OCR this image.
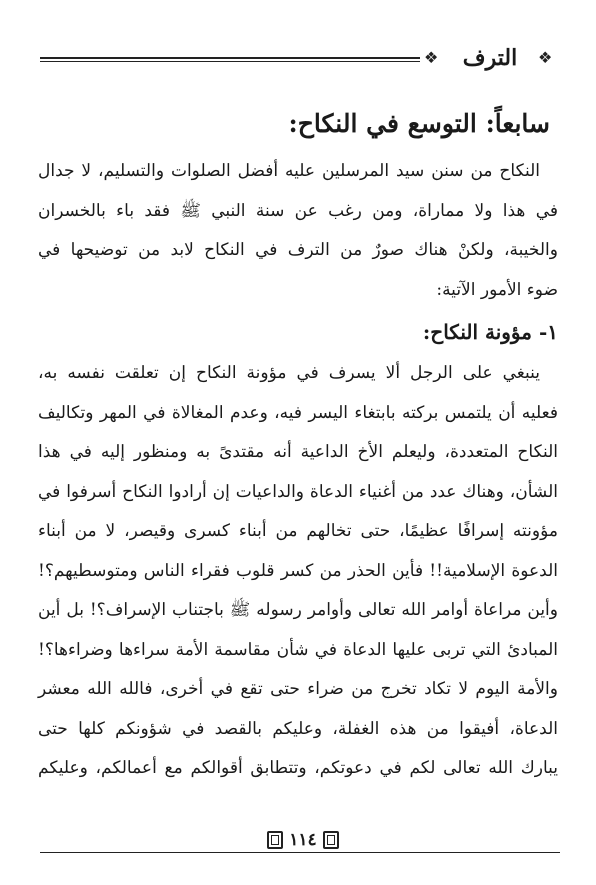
❖	الترف	❖
سابعاً: التوسع في النكاح:
النكاح من سنن سيد المرسلين عليه أفضل الصلوات والتسليم، لا جدال
في هذا ولا مماراة، ومن رغب عن سنة النبي ﷺ فقد باء بالخسران
والخيبة، ولكنْ هناك صورٌ من الترف في النكاح لابد من توضيحها في
ضوء الأمور الآتية:
١- مؤونة النكاح:
ينبغي على الرجل ألا يسرف في مؤونة النكاح إن تعلقت نفسه به،
فعليه أن يلتمس بركته بابتغاء اليسر فيه، وعدم المغالاة في المهر وتكاليف
النكاح المتعددة، وليعلم الأخ الداعية أنه مقتدىً به ومنظور إليه في هذا
الشأن، وهناك عدد من أغنياء الدعاة والداعيات إن أرادوا النكاح أسرفوا في
مؤونته إسرافًا عظيمًا، حتى تخالهم من أبناء كسرى وقيصر، لا من أبناء
الدعوة الإسلامية!! فأين الحذر من كسر قلوب فقراء الناس ومتوسطيهم؟!
وأين مراعاة أوامر الله تعالى وأوامر رسوله ﷺ باجتناب الإسراف؟! بل أين
المبادئ التي تربى عليها الدعاة في شأن مقاسمة الأمة سراءها وضراءها؟!
والأمة اليوم لا تكاد تخرج من ضراء حتى تقع في أخرى، فالله الله معشر
الدعاة، أفيقوا من هذه الغفلة، وعليكم بالقصد في شؤونكم كلها حتى
يبارك الله تعالى لكم في دعوتكم، وتتطابق أقوالكم مع أعمالكم، وعليكم
١١٤
